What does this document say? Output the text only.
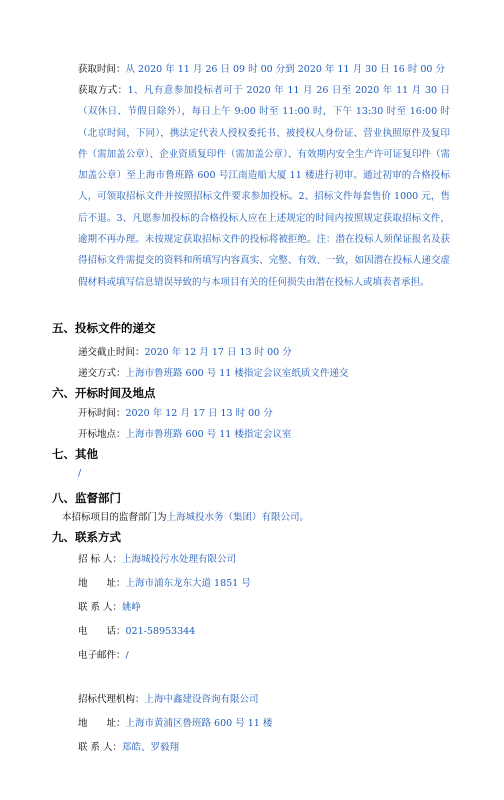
获取时间：从 2020 年 11 月 26 日 09 时 00 分到 2020 年 11 月 30 日 16 时 00 分
获取方式：1、凡有意参加投标者可于 2020 年 11 月 26 日至 2020 年 11 月 30 日（双休日、节假日除外），每日上午 9:00 时至 11:00 时，下午 13:30 时至 16:00 时（北京时间，下同），携法定代表人授权委托书、被授权人身份证、营业执照原件及复印件（需加盖公章）、企业资质复印件（需加盖公章）、有效期内安全生产许可证复印件（需加盖公章）至上海市鲁班路 600 号江南造船大厦 11 楼进行初审。通过初审的合格投标人，可领取招标文件并按照招标文件要求参加投标。2、招标文件每套售价 1000 元，售后不退。3、凡愿参加投标的合格投标人应在上述规定的时间内按照规定获取招标文件，逾期不再办理。未按规定获取招标文件的投标将被拒绝。注：潜在投标人须保证报名及获得招标文件需提交的资料和所填写内容真实、完整、有效、一致，如因潜在投标人递交虚假材料或填写信息错误导致的与本项目有关的任何损失由潜在投标人或填表者承担。
五、投标文件的递交
递交截止时间：2020 年 12 月 17 日 13 时 00 分
递交方式：上海市鲁班路 600 号 11 楼指定会议室纸质文件递交
六、开标时间及地点
开标时间：2020 年 12 月 17 日 13 时 00 分
开标地点：上海市鲁班路 600 号 11 楼指定会议室
七、其他
/
八、监督部门
本招标项目的监督部门为上海城投水务（集团）有限公司。
九、联系方式
招 标 人：上海城投污水处理有限公司
地　　址：上海市浦东龙东大道 1851 号
联 系 人：姚峥
电　　话：021-58953344
电子邮件：/
招标代理机构：上海中鑫建设咨询有限公司
地　　址：上海市黄浦区鲁班路 600 号 11 楼
联 系 人：郑皓、罗毅翔
